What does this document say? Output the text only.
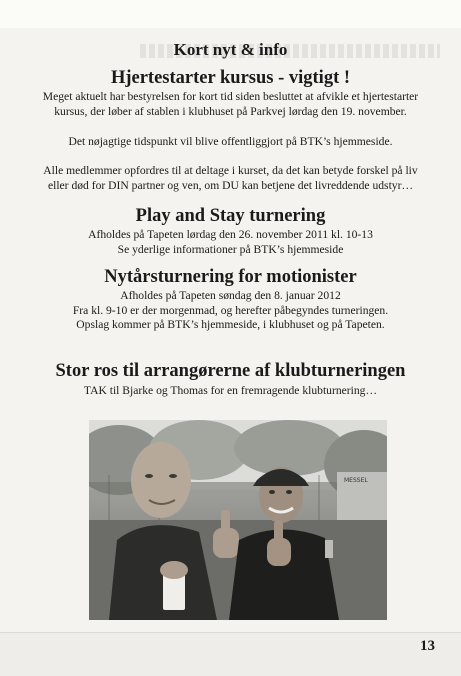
Kort nyt & info
Hjertestarter kursus - vigtigt !

Meget aktuelt har bestyrelsen for kort tid siden besluttet at afvikle et hjertestarter

kursus, der løber af stablen i klubhuset på Parkvej lørdag den 19. november.

Det nøjagtige tidspunkt vil blive offentliggjort på BTK’s hjemmeside.

Alle medlemmer opfordres til at deltage i kurset, da det kan betyde forskel på liv

eller død for DIN partner og ven, om DU kan betjene det livreddende udstyr…

Play and Stay turnering

Afholdes på Tapeten lørdag den 26. november 2011 kl. 10-13

Se yderlige informationer på BTK’s hjemmeside

Nytårsturnering for motionister

Afholdes på Tapeten søndag den 8. januar 2012

Fra kl. 9-10 er der morgenmad, og herefter påbegyndes turneringen.

Opslag kommer på BTK’s hjemmeside, i klubhuset og på Tapeten.

Stor ros til arrangørerne af klubturneringen

TAK til Bjarke og Thomas for en fremragende klubturnering…

MESSEL
13
